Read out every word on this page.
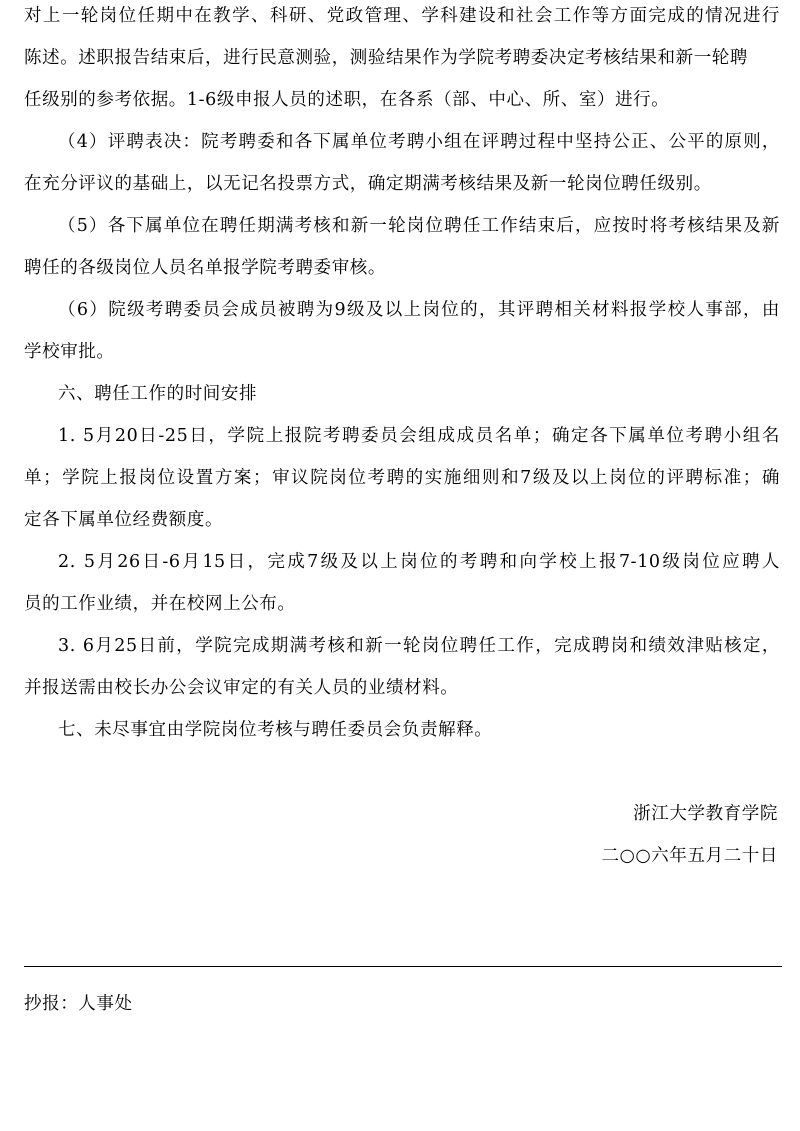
对上一轮岗位任期中在教学、科研、党政管理、学科建设和社会工作等方面完成的情况进行
陈述。述职报告结束后，进行民意测验，测验结果作为学院考聘委决定考核结果和新一轮聘
任级别的参考依据。1-6级申报人员的述职，在各系（部、中心、所、室）进行。
（4）评聘表决：院考聘委和各下属单位考聘小组在评聘过程中坚持公正、公平的原则，
在充分评议的基础上，以无记名投票方式，确定期满考核结果及新一轮岗位聘任级别。
（5）各下属单位在聘任期满考核和新一轮岗位聘任工作结束后，应按时将考核结果及新
聘任的各级岗位人员名单报学院考聘委审核。
（6）院级考聘委员会成员被聘为9级及以上岗位的，其评聘相关材料报学校人事部，由
学校审批。
六、聘任工作的时间安排
1. 5月20日-25日，学院上报院考聘委员会组成成员名单；确定各下属单位考聘小组名
单；学院上报岗位设置方案；审议院岗位考聘的实施细则和7级及以上岗位的评聘标准；确
定各下属单位经费额度。
2. 5月26日-6月15日，完成7级及以上岗位的考聘和向学校上报7-10级岗位应聘人
员的工作业绩，并在校网上公布。
3. 6月25日前，学院完成期满考核和新一轮岗位聘任工作，完成聘岗和绩效津贴核定，
并报送需由校长办公会议审定的有关人员的业绩材料。
七、未尽事宜由学院岗位考核与聘任委员会负责解释。
浙江大学教育学院
二○○六年五月二十日
抄报：人事处
